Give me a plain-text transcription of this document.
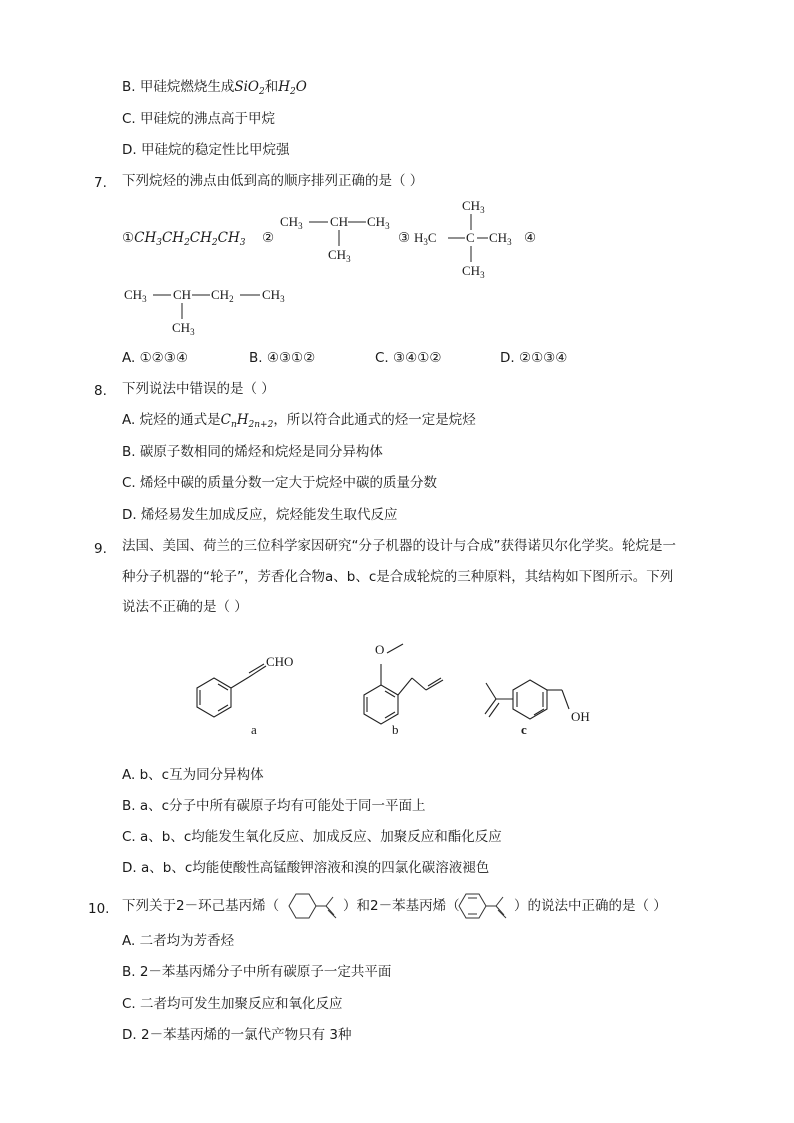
B. 甲硅烷燃烧生成SiO$_2$和$H_2O$
C. 甲硅烷的沸点高于甲烷
D. 甲硅烷的稳定性比甲烷强
7. 下列烷烃的沸点由低到高的顺序排列正确的是（ ）
$①CH_3CH_2CH_2CH_3$ ②
$CH_3$ CH $CH_3$
$CH_3$
③
$CH_3$
$H_3C$ C $CH_3$
$CH_3$
④
$CH_3$ CH $CH_2$ $CH_3$
$CH_3$
A. ①②③④	B. ④③①②	C. ③④①②	D. ②①③④
8. 下列说法中错误的是（ ）
A. 烷烃的通式是$C_nH_{2n+2}$，所以符合此通式的烃一定是烷烃
B. 碳原子数相同的烯烃和烷烃是同分异构体
C. 烯烃中碳的质量分数一定大于烷烃中碳的质量分数
D. 烯烃易发生加成反应，烷烃能发生取代反应
9. 法国、美国、荷兰的三位科学家因研究“分子机器的设计与合成”获得诺贝尔化学奖。轮烷是一
种分子机器的“轮子”，芳香化合物a、b、c是合成轮烷的三种原料，其结构如下图所示。下列
说法不正确的是（ ）
CHO
O
OH
a	b	c
A. b、c互为同分异构体
B. a、c分子中所有碳原子均有可能处于同一平面上
C. a、b、c均能发生氧化反应、加成反应、加聚反应和酯化反应
D. a、b、c均能使酸性高锰酸钾溶液和溴的四氯化碳溶液褪色
10. 下列关于2－环己基丙烯（	）和2－苯基丙烯（	）的说法中正确的是（ ）
A. 二者均为芳香烃
B. 2－苯基丙烯分子中所有碳原子一定共平面
C. 二者均可发生加聚反应和氧化反应
D. 2－苯基丙烯的一氯代产物只有 3种
